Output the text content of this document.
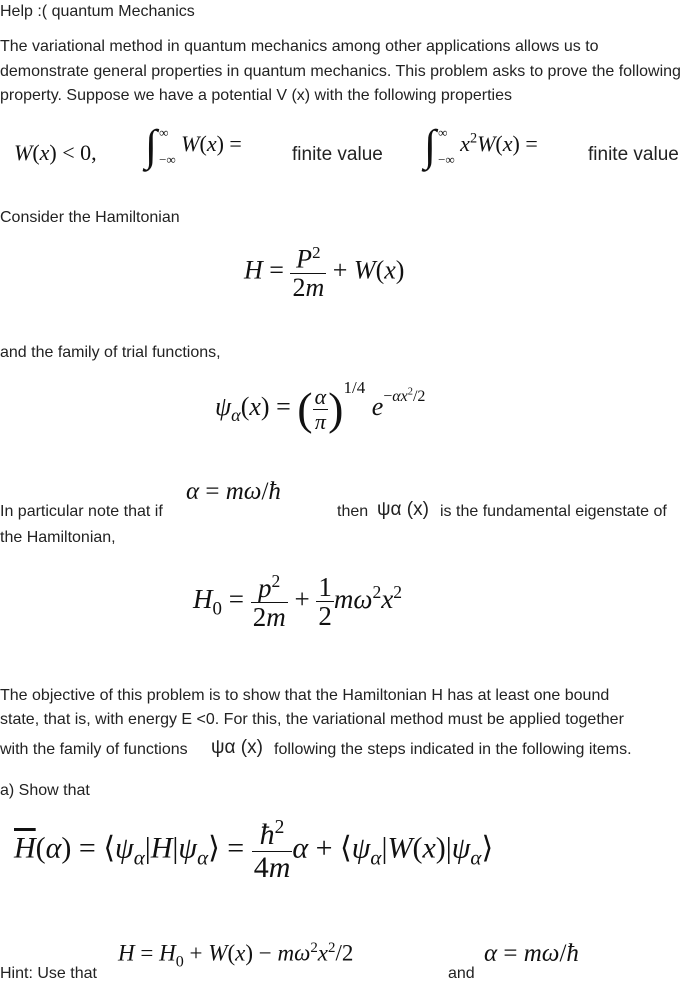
Help :( quantum Mechanics
The variational method in quantum mechanics among other applications allows us to demonstrate general properties in quantum mechanics. This problem asks to prove the following property. Suppose we have a potential V (x) with the following properties
W(x) < 0, ∫ ∞
−∞
W(x) =	finite value ∫ ∞
−∞
$x^2W(x)$ =	finite value
Consider the Hamiltonian
$H = \frac{P^2}{2m} + W(x)$
and the family of trial functions,
$\psi_\alpha(x)$ = ( $\frac{\alpha}{\pi} )^{1/4}$ $e^{-\alpha x^2/2}$
α = mω/ħ
In particular note that if	then ψα (x) is the fundamental eigenstate of
the Hamiltonian,
$H_0 = \frac{p^2}{2m} + \frac{1}{2} m\omega^2x^2$
The objective of this problem is to show that the Hamiltonian H has at least one bound
state, that is, with energy E <0. For this, the variational method must be applied together
with the family of functions ψα (x) following the steps indicated in the following items.
a) Show that
$\overline{H}(\alpha)$ = $⟨\psi_\alpha|H|\psi_\alpha⟩ = \frac{ħ^2}{4m}$ $\alpha + ⟨\psi_\alpha|W(x)|\psi_\alpha⟩$
Hint: Use that
$H = H_0 + W(x) - m\omega^2x^2/2$
and
α = mω/ħ
